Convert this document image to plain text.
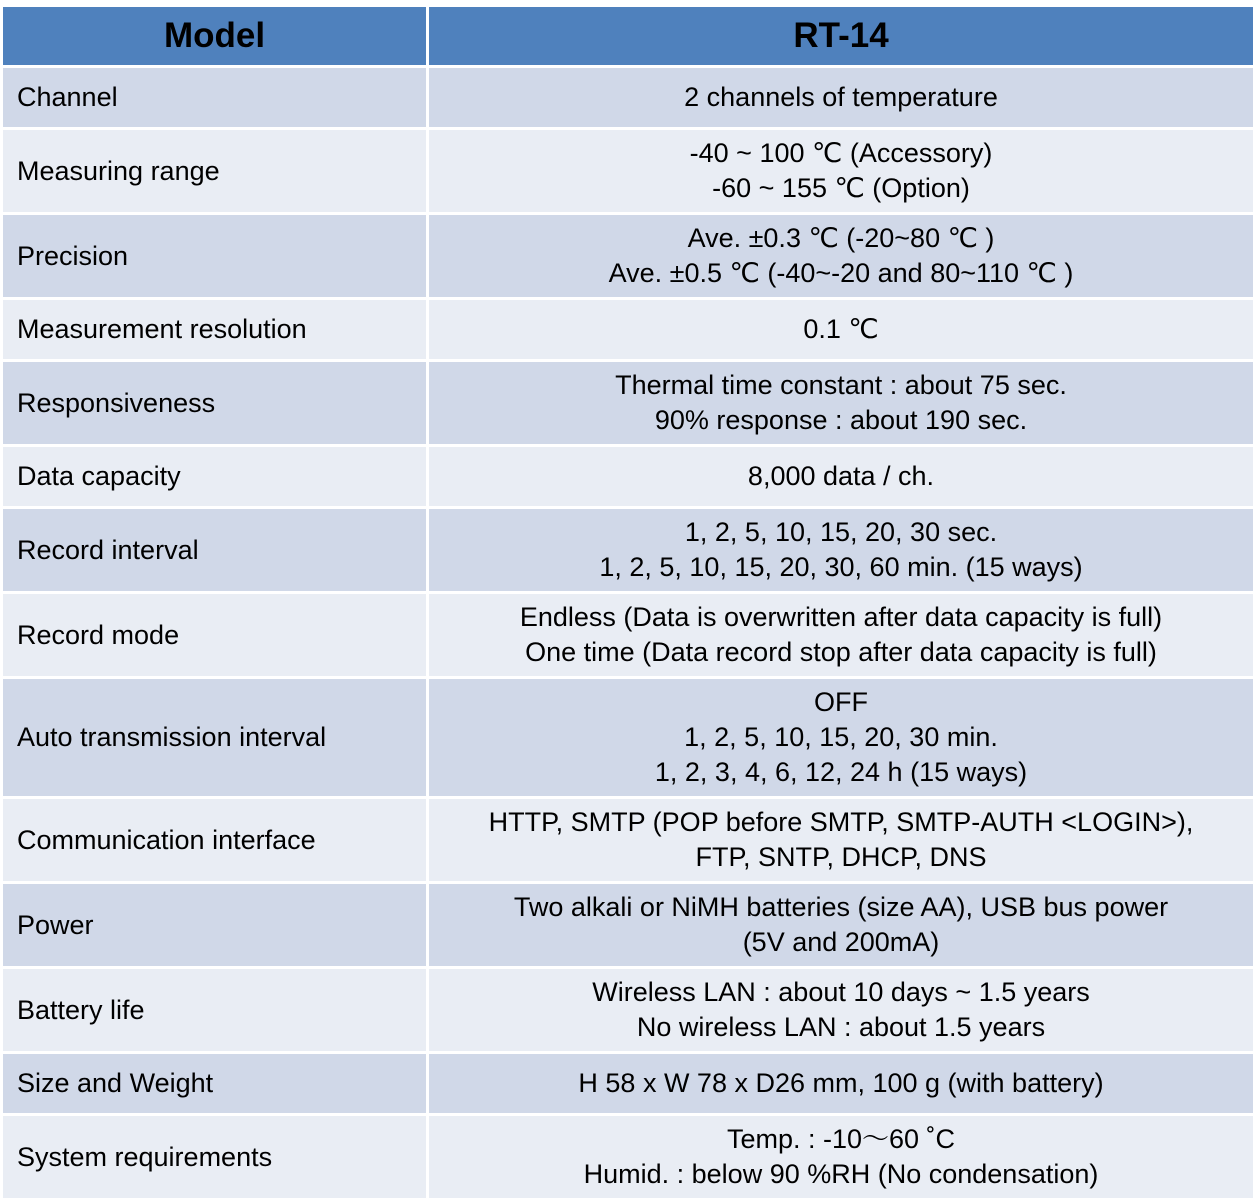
Model	RT-14
Channel	2 channels of temperature

Measuring range	-40 ~ 100 ℃ (Accessory)
-60 ~ 155 ℃ (Option)

Precision	Ave. ±0.3 ℃ (-20~80 ℃ )
Ave. ±0.5 ℃ (-40~-20 and 80~110 ℃ )

Measurement resolution	0.1 ℃

Responsiveness	Thermal time constant : about 75 sec.
90% response : about 190 sec.

Data capacity	8,000 data / ch.

Record interval	1, 2, 5, 10, 15, 20, 30 sec.
1, 2, 5, 10, 15, 20, 30, 60 min. (15 ways)

Record mode	Endless (Data is overwritten after data capacity is full)
One time (Data record stop after data capacity is full)

Auto transmission interval	OFF
1, 2, 5, 10, 15, 20, 30 min.
1, 2, 3, 4, 6, 12, 24 h (15 ways)

Communication interface	HTTP, SMTP (POP before SMTP, SMTP-AUTH <LOGIN>),
FTP, SNTP, DHCP, DNS

Power	Two alkali or NiMH batteries (size AA), USB bus power
(5V and 200mA)

Battery life	Wireless LAN : about 10 days ~ 1.5 years
No wireless LAN : about 1.5 years

Size and Weight	H 58 x W 78 x D26 mm, 100 g (with battery)

System requirements	Temp. : -10～60 ˚C
Humid. : below 90 %RH (No condensation)
